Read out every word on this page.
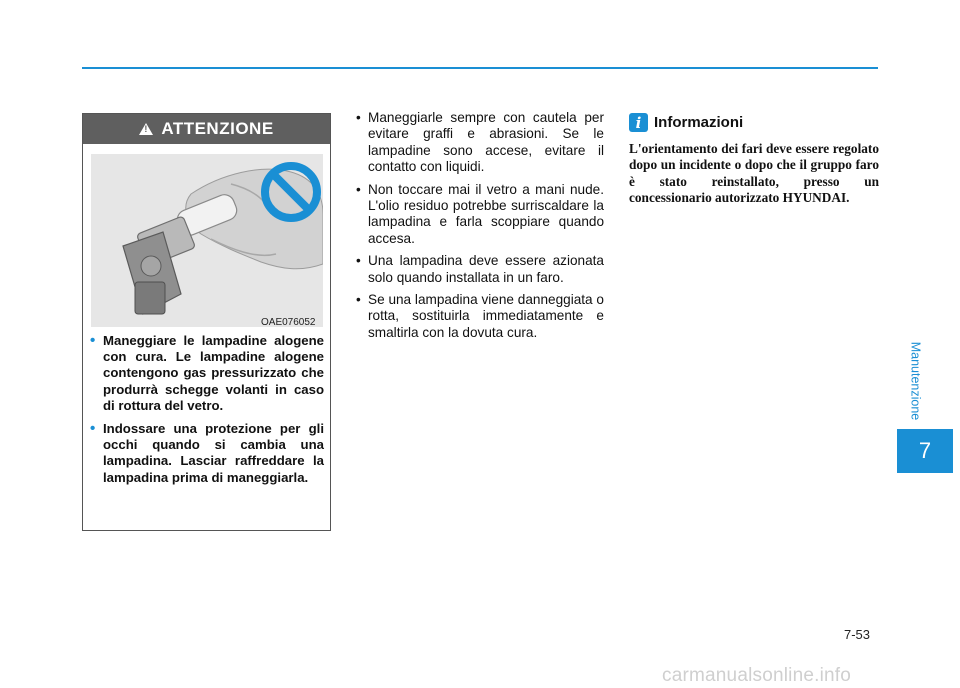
!
ATTENZIONE
OAE076052
• Maneggiare le lampadine alogene con cura. Le lampadine alogene contengono gas pressurizzato che produrrà schegge volanti in caso di rottura del vetro.
• Indossare una protezione per gli occhi quando si cambia una lampadina. Lasciar raffreddare la lampadina prima di maneggiarla.
• Maneggiarle sempre con cautela per evitare graffi e abrasioni. Se le lampadine sono accese, evitare il contatto con liquidi.
• Non toccare mai il vetro a mani nude. L'olio residuo potrebbe surriscaldare la lampadina e farla scoppiare quando accesa.
• Una lampadina deve essere azionata solo quando installata in un faro.
• Se una lampadina viene danneggiata o rotta, sostituirla immediatamente e smaltirla con la dovuta cura.
i Informazioni

L'orientamento dei fari deve essere regolato dopo un incidente o dopo che il gruppo faro è stato reinstallato, presso un concessionario autorizzato HYUNDAI.

Manutenzione
7
7-53
carmanualsonline.info
